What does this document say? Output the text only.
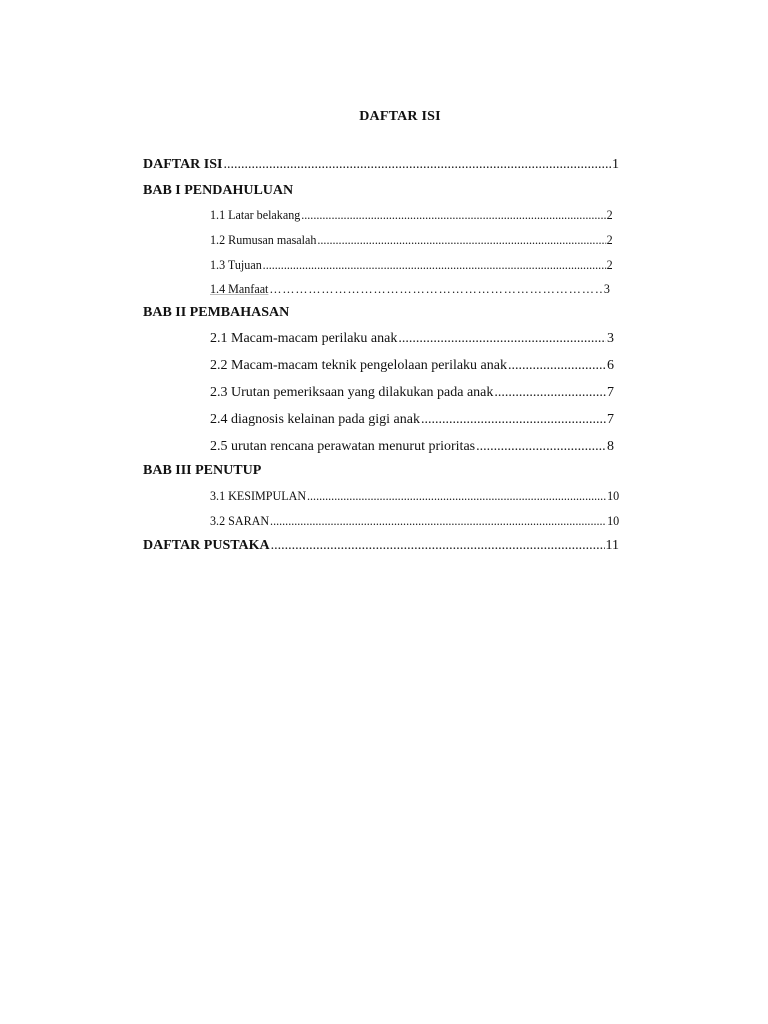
DAFTAR ISI
DAFTAR ISI .....	1
BAB I PENDAHULUAN
1.1 Latar belakang .....	2
1.2 Rumusan masalah .....	2
1.3 Tujuan .....	2
1.4 Manfaat …………………………………………………………………………………………………………	3
BAB II PEMBAHASAN
2.1 Macam-macam perilaku anak .....	3
2.2 Macam-macam teknik pengelolaan perilaku anak .....	6
2.3 Urutan pemeriksaan yang dilakukan pada anak .....	7
2.4 diagnosis kelainan pada gigi anak .....	7
2.5 urutan rencana perawatan menurut prioritas .....	8
BAB III PENUTUP
3.1 KESIMPULAN .....	10
3.2 SARAN .....	10
DAFTAR PUSTAKA .....	11
